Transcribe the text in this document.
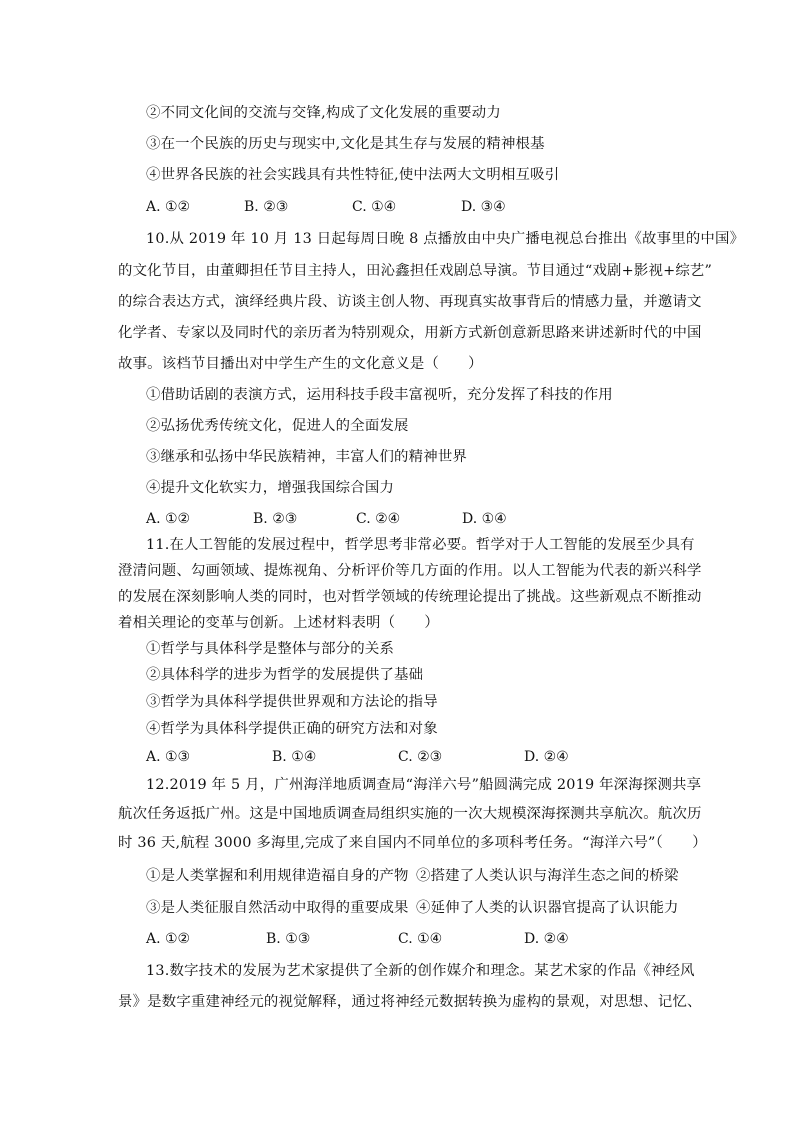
②不同文化间的交流与交锋,构成了文化发展的重要动力
③在一个民族的历史与现实中,文化是其生存与发展的精神根基
④世界各民族的社会实践具有共性特征,使中法两大文明相互吸引
A. ①②	B. ②③	C. ①④	D. ③④
10.从 2019 年 10 月 13 日起每周日晚 8 点播放由中央广播电视总台推出《故事里的中国》
的文化节目，由董卿担任节目主持人，田沁鑫担任戏剧总导演。节目通过“戏剧+影视+综艺”
的综合表达方式，演绎经典片段、访谈主创人物、再现真实故事背后的情感力量，并邀请文
化学者、专家以及同时代的亲历者为特别观众，用新方式新创意新思路来讲述新时代的中国
故事。该档节目播出对中学生产生的文化意义是（　　）
①借助话剧的表演方式，运用科技手段丰富视听，充分发挥了科技的作用
②弘扬优秀传统文化，促进人的全面发展
③继承和弘扬中华民族精神，丰富人们的精神世界
④提升文化软实力，增强我国综合国力
A. ①②	B. ②③	C. ②④	D. ①④
11.在人工智能的发展过程中，哲学思考非常必要。哲学对于人工智能的发展至少具有
澄清问题、勾画领域、提炼视角、分析评价等几方面的作用。以人工智能为代表的新兴科学
的发展在深刻影响人类的同时，也对哲学领域的传统理论提出了挑战。这些新观点不断推动
着相关理论的变革与创新。上述材料表明（　　）
①哲学与具体科学是整体与部分的关系
②具体科学的进步为哲学的发展提供了基础
③哲学为具体科学提供世界观和方法论的指导
④哲学为具体科学提供正确的研究方法和对象
A. ①③	B. ①④	C. ②③	D. ②④
12.2019 年 5 月，广州海洋地质调查局“海洋六号”船圆满完成 2019 年深海探测共享
航次任务返抵广州。这是中国地质调查局组织实施的一次大规模深海探测共享航次。航次历
时 36 天,航程 3000 多海里,完成了来自国内不同单位的多项科考任务。“海洋六号”（　　）
①是人类掌握和利用规律造福自身的产物 ②搭建了人类认识与海洋生态之间的桥梁
③是人类征服自然活动中取得的重要成果 ④延伸了人类的认识器官提高了认识能力
A. ①②	B. ①③	C. ①④	D. ②④
13.数字技术的发展为艺术家提供了全新的创作媒介和理念。某艺术家的作品《神经风
景》是数字重建神经元的视觉解释，通过将神经元数据转换为虚构的景观，对思想、记忆、
